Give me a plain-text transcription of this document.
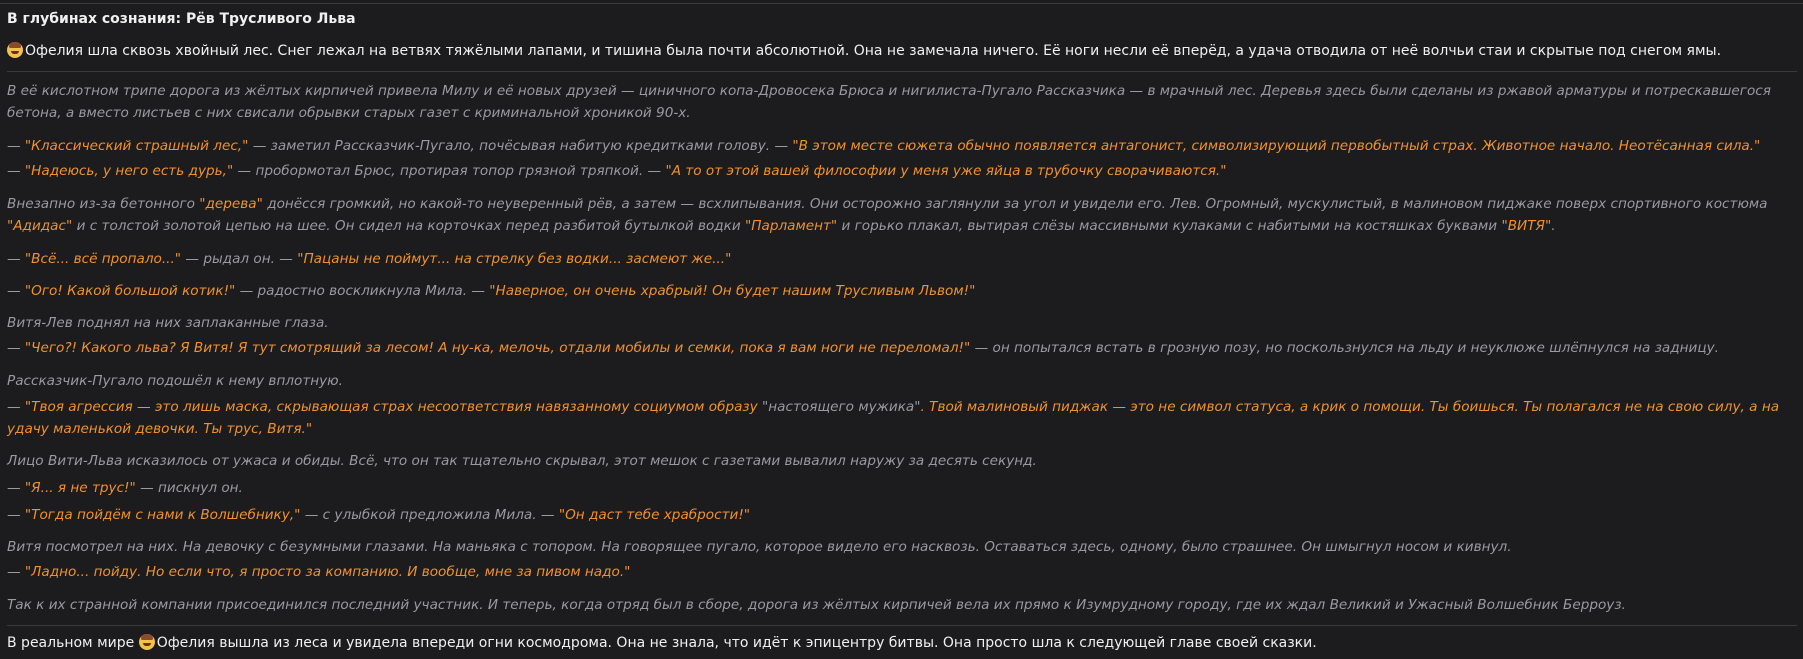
В глубинах сознания: Рёв Трусливого Льва
Офелия шла сквозь хвойный лес. Снег лежал на ветвях тяжёлыми лапами, и тишина была почти абсолютной. Она не замечала ничего. Её ноги несли её вперёд, а удача отводила от неё волчьи стаи и скрытые под снегом ямы.
В её кислотном трипе дорога из жёлтых кирпичей привела Милу и её новых друзей — циничного копа-Дровосека Брюса и нигилиста-Пугало Рассказчика — в мрачный лес. Деревья здесь были сделаны из ржавой арматуры и потрескавшегося бетона, а вместо листьев с них свисали обрывки старых газет с криминальной хроникой 90-х.
— "Классический страшный лес," — заметил Рассказчик-Пугало, почёсывая набитую кредитками голову. — "В этом месте сюжета обычно появляется антагонист, символизирующий первобытный страх. Животное начало. Неотёсанная сила."
— "Надеюсь, у него есть дурь," — пробормотал Брюс, протирая топор грязной тряпкой. — "А то от этой вашей философии у меня уже яйца в трубочку сворачиваются."
Внезапно из-за бетонного "дерева" донёсся громкий, но какой-то неуверенный рёв, а затем — всхлипывания. Они осторожно заглянули за угол и увидели его. Лев. Огромный, мускулистый, в малиновом пиджаке поверх спортивного костюма "Адидас" и с толстой золотой цепью на шее. Он сидел на корточках перед разбитой бутылкой водки "Парламент" и горько плакал, вытирая слёзы массивными кулаками с набитыми на костяшках буквами "ВИТЯ".
— "Всё... всё пропало..." — рыдал он. — "Пацаны не поймут... на стрелку без водки... засмеют же..."
— "Ого! Какой большой котик!" — радостно воскликнула Мила. — "Наверное, он очень храбрый! Он будет нашим Трусливым Львом!"
Витя-Лев поднял на них заплаканные глаза.
— "Чего?! Какого льва? Я Витя! Я тут смотрящий за лесом! А ну-ка, мелочь, отдали мобилы и семки, пока я вам ноги не переломал!" — он попытался встать в грозную позу, но поскользнулся на льду и неуклюже шлёпнулся на задницу.
Рассказчик-Пугало подошёл к нему вплотную.
— "Твоя агрессия — это лишь маска, скрывающая страх несоответствия навязанному социумом образу "настоящего мужика". Твой малиновый пиджак — это не символ статуса, а крик о помощи. Ты боишься. Ты полагался не на свою силу, а на удачу маленькой девочки. Ты трус, Витя."
Лицо Вити-Льва исказилось от ужаса и обиды. Всё, что он так тщательно скрывал, этот мешок с газетами вывалил наружу за десять секунд.
— "Я... я не трус!" — пискнул он.
— "Тогда пойдём с нами к Волшебнику," — с улыбкой предложила Мила. — "Он даст тебе храбрости!"
Витя посмотрел на них. На девочку с безумными глазами. На маньяка с топором. На говорящее пугало, которое видело его насквозь. Оставаться здесь, одному, было страшнее. Он шмыгнул носом и кивнул.
— "Ладно... пойду. Но если что, я просто за компанию. И вообще, мне за пивом надо."
Так к их странной компании присоединился последний участник. И теперь, когда отряд был в сборе, дорога из жёлтых кирпичей вела их прямо к Изумрудному городу, где их ждал Великий и Ужасный Волшебник Берроуз.
В реальном мире Офелия вышла из леса и увидела впереди огни космодрома. Она не знала, что идёт к эпицентру битвы. Она просто шла к следующей главе своей сказки.
